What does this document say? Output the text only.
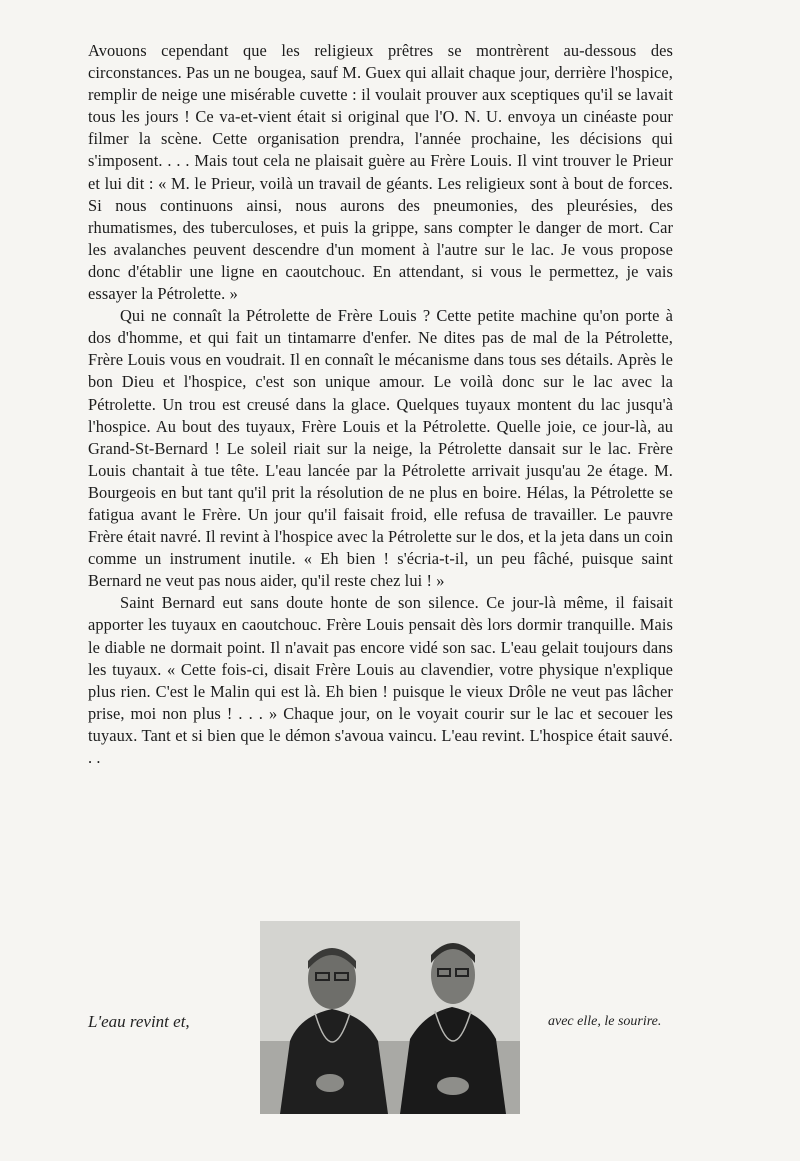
Avouons cependant que les religieux prêtres se montrèrent au-dessous des circonstances. Pas un ne bougea, sauf M. Guex qui allait chaque jour, derrière l'hospice, remplir de neige une misérable cuvette : il voulait prouver aux sceptiques qu'il se lavait tous les jours ! Ce va-et-vient était si original que l'O. N. U. envoya un cinéaste pour filmer la scène. Cette organisation prendra, l'année prochaine, les décisions qui s'imposent. . . . Mais tout cela ne plaisait guère au Frère Louis. Il vint trouver le Prieur et lui dit : « M. le Prieur, voilà un travail de géants. Les religieux sont à bout de forces. Si nous continuons ainsi, nous aurons des pneumonies, des pleurésies, des rhumatismes, des tuberculoses, et puis la grippe, sans compter le danger de mort. Car les avalanches peuvent descendre d'un moment à l'autre sur le lac. Je vous propose donc d'établir une ligne en caoutchouc. En attendant, si vous le permettez, je vais essayer la Pétrolette. »

Qui ne connaît la Pétrolette de Frère Louis ? Cette petite machine qu'on porte à dos d'homme, et qui fait un tintamarre d'enfer. Ne dites pas de mal de la Pétrolette, Frère Louis vous en voudrait. Il en connaît le mécanisme dans tous ses détails. Après le bon Dieu et l'hospice, c'est son unique amour. Le voilà donc sur le lac avec la Pétrolette. Un trou est creusé dans la glace. Quelques tuyaux montent du lac jusqu'à l'hospice. Au bout des tuyaux, Frère Louis et la Pétrolette. Quelle joie, ce jour-là, au Grand-St-Bernard ! Le soleil riait sur la neige, la Pétrolette dansait sur le lac. Frère Louis chantait à tue tête. L'eau lancée par la Pétrolette arrivait jusqu'au 2e étage. M. Bourgeois en but tant qu'il prit la résolution de ne plus en boire. Hélas, la Pétrolette se fatigua avant le Frère. Un jour qu'il faisait froid, elle refusa de travailler. Le pauvre Frère était navré. Il revint à l'hospice avec la Pétrolette sur le dos, et la jeta dans un coin comme un instrument inutile. « Eh bien ! s'écria-t-il, un peu fâché, puisque saint Bernard ne veut pas nous aider, qu'il reste chez lui ! »

Saint Bernard eut sans doute honte de son silence. Ce jour-là même, il faisait apporter les tuyaux en caoutchouc. Frère Louis pensait dès lors dormir tranquille. Mais le diable ne dormait point. Il n'avait pas encore vidé son sac. L'eau gelait toujours dans les tuyaux. « Cette fois-ci, disait Frère Louis au clavendier, votre physique n'explique plus rien. C'est le Malin qui est là. Eh bien ! puisque le vieux Drôle ne veut pas lâcher prise, moi non plus ! . . . » Chaque jour, on le voyait courir sur le lac et secouer les tuyaux. Tant et si bien que le démon s'avoua vaincu. L'eau revint. L'hospice était sauvé. . .

L'eau revint et,	avec elle, le sourire.
